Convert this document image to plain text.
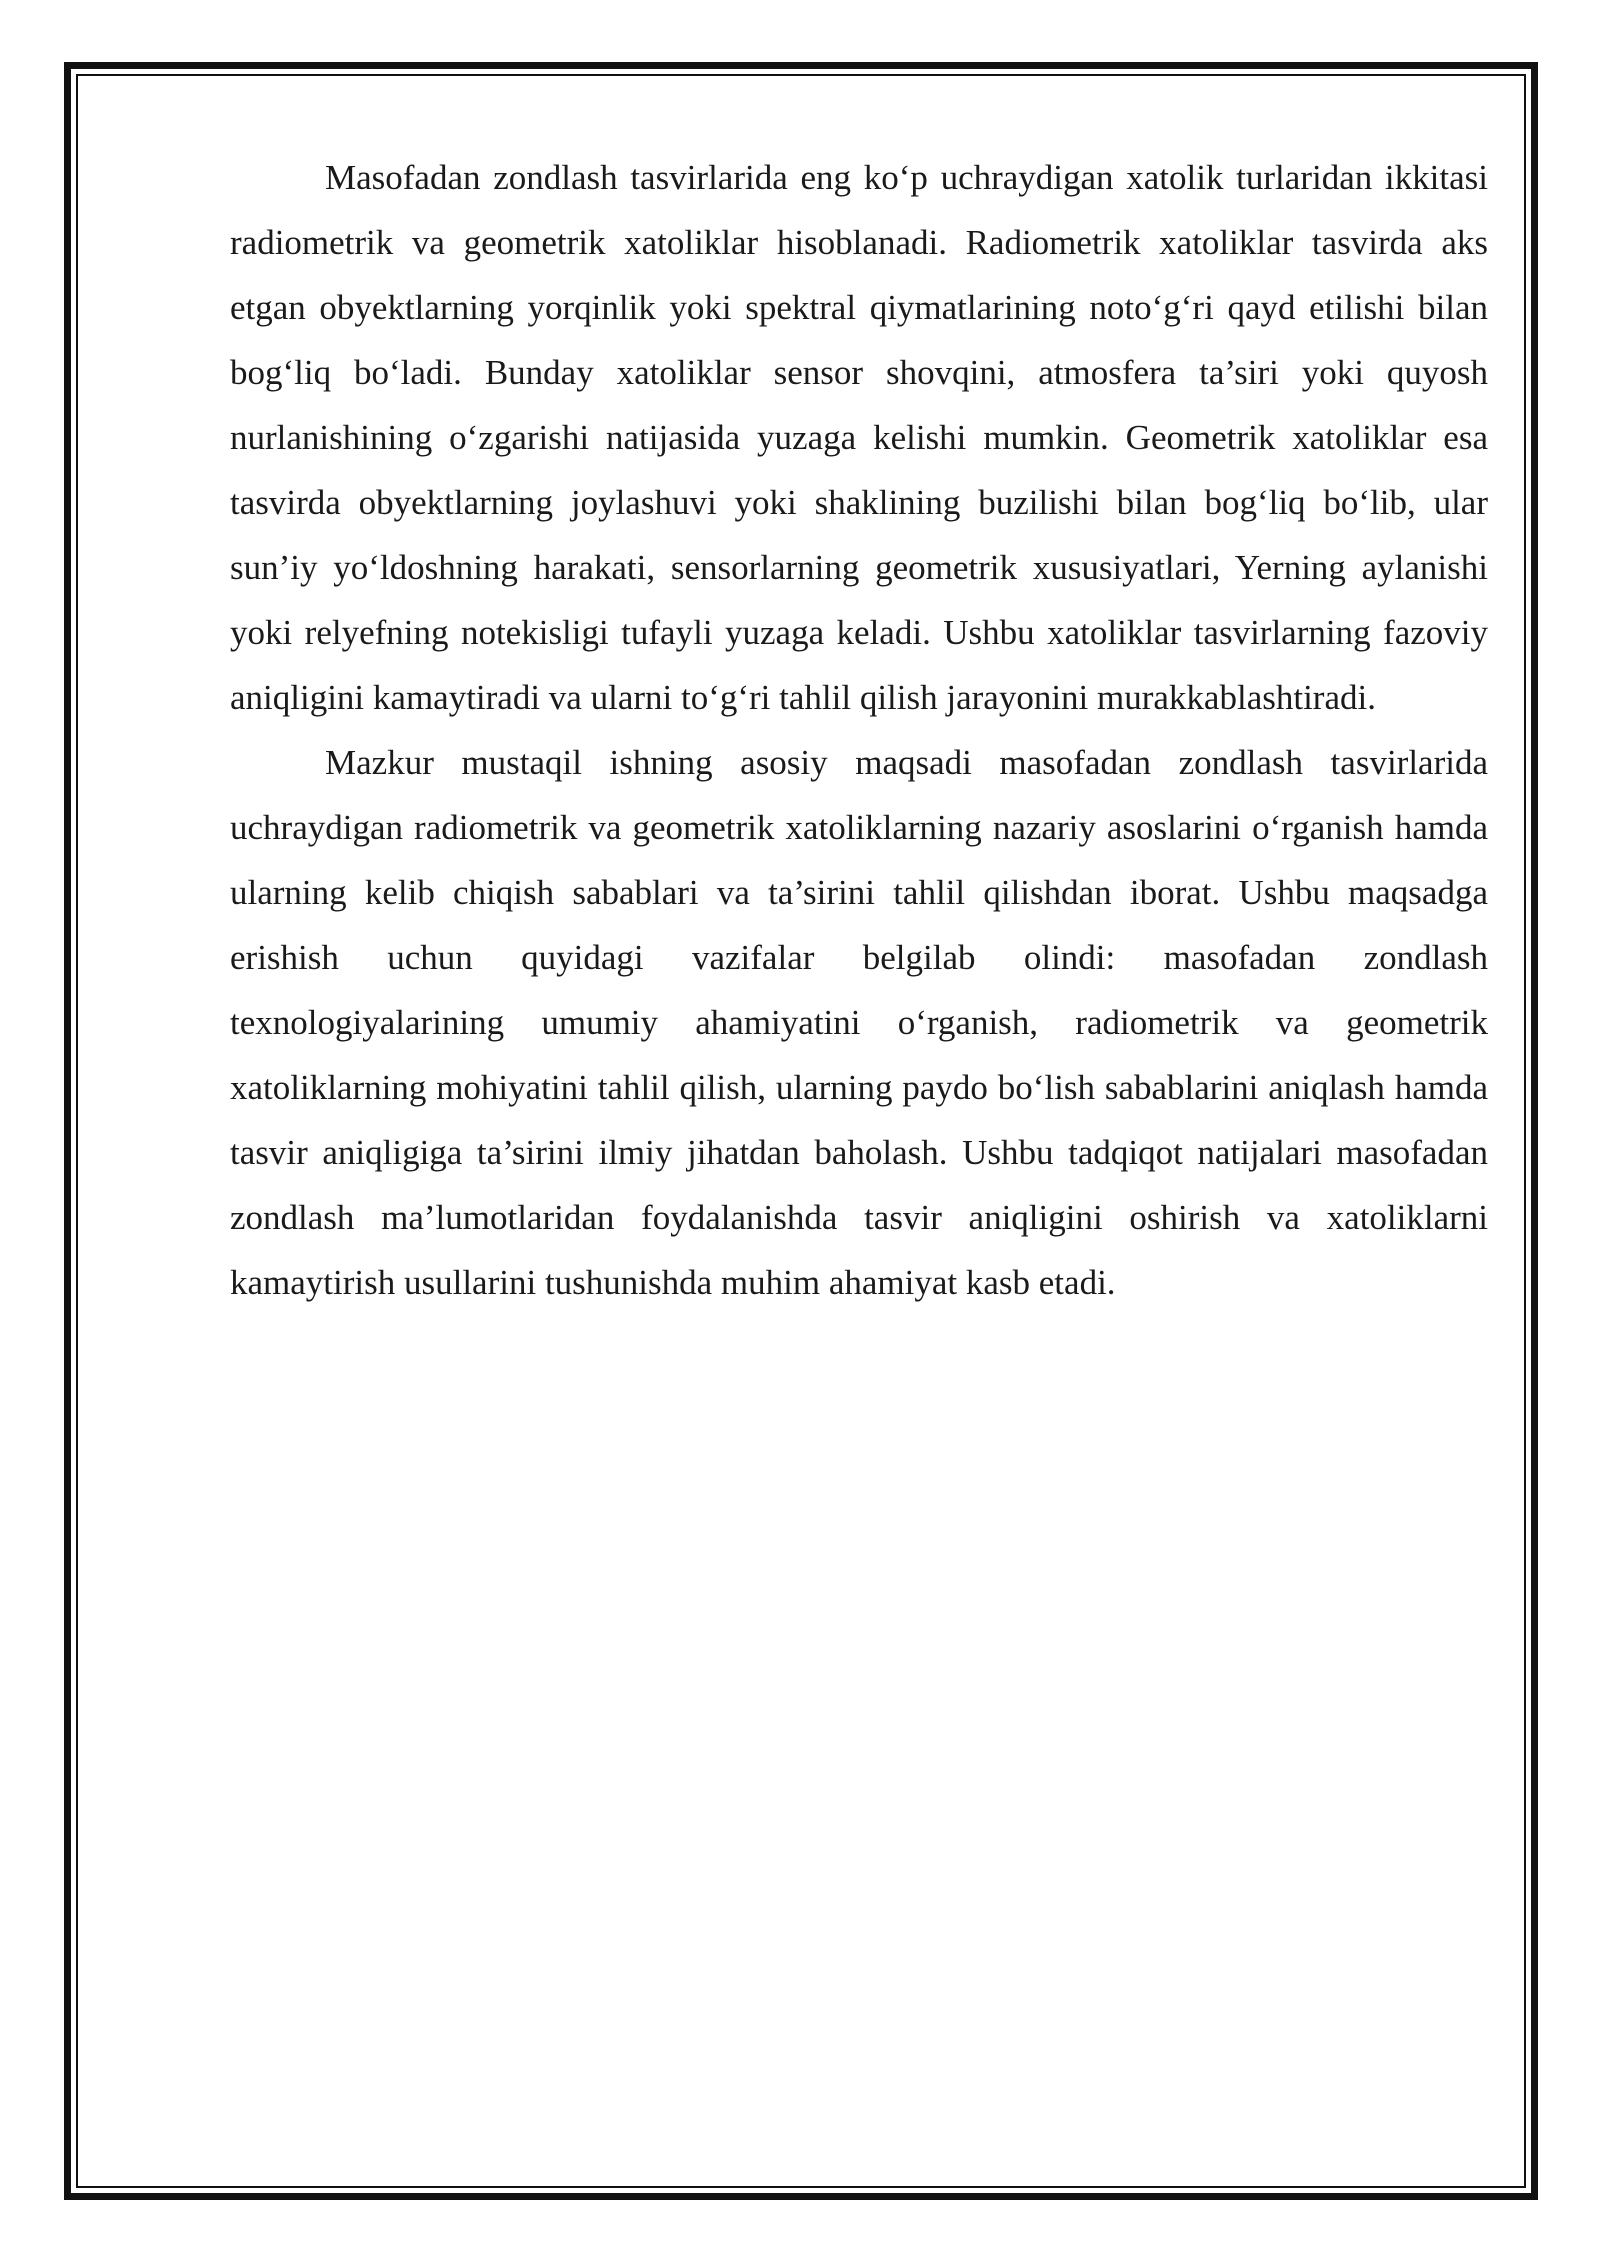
Masofadan zondlash tasvirlarida eng ko‘p uchraydigan xatolik turlaridan ikkitasi radiometrik va geometrik xatoliklar hisoblanadi. Radiometrik xatoliklar tasvirda aks etgan obyektlarning yorqinlik yoki spektral qiymatlarining noto‘g‘ri qayd etilishi bilan bog‘liq bo‘ladi. Bunday xatoliklar sensor shovqini, atmosfera ta’siri yoki quyosh nurlanishining o‘zgarishi natijasida yuzaga kelishi mumkin. Geometrik xatoliklar esa tasvirda obyektlarning joylashuvi yoki shaklining buzilishi bilan bog‘liq bo‘lib, ular sun’iy yo‘ldoshning harakati, sensorlarning geometrik xususiyatlari, Yerning aylanishi yoki relyefning notekisligi tufayli yuzaga keladi. Ushbu xatoliklar tasvirlarning fazoviy aniqligini kamaytiradi va ularni to‘g‘ri tahlil qilish jarayonini murakkablashtiradi.

Mazkur mustaqil ishning asosiy maqsadi masofadan zondlash tasvirlarida uchraydigan radiometrik va geometrik xatoliklarning nazariy asoslarini o‘rganish hamda ularning kelib chiqish sabablari va ta’sirini tahlil qilishdan iborat. Ushbu maqsadga erishish uchun quyidagi vazifalar belgilab olindi: masofadan zondlash texnologiyalarining umumiy ahamiyatini o‘rganish, radiometrik va geometrik xatoliklarning mohiyatini tahlil qilish, ularning paydo bo‘lish sabablarini aniqlash hamda tasvir aniqligiga ta’sirini ilmiy jihatdan baholash. Ushbu tadqiqot natijalari masofadan zondlash ma’lumotlaridan foydalanishda tasvir aniqligini oshirish va xatoliklarni kamaytirish usullarini tushunishda muhim ahamiyat kasb etadi.
